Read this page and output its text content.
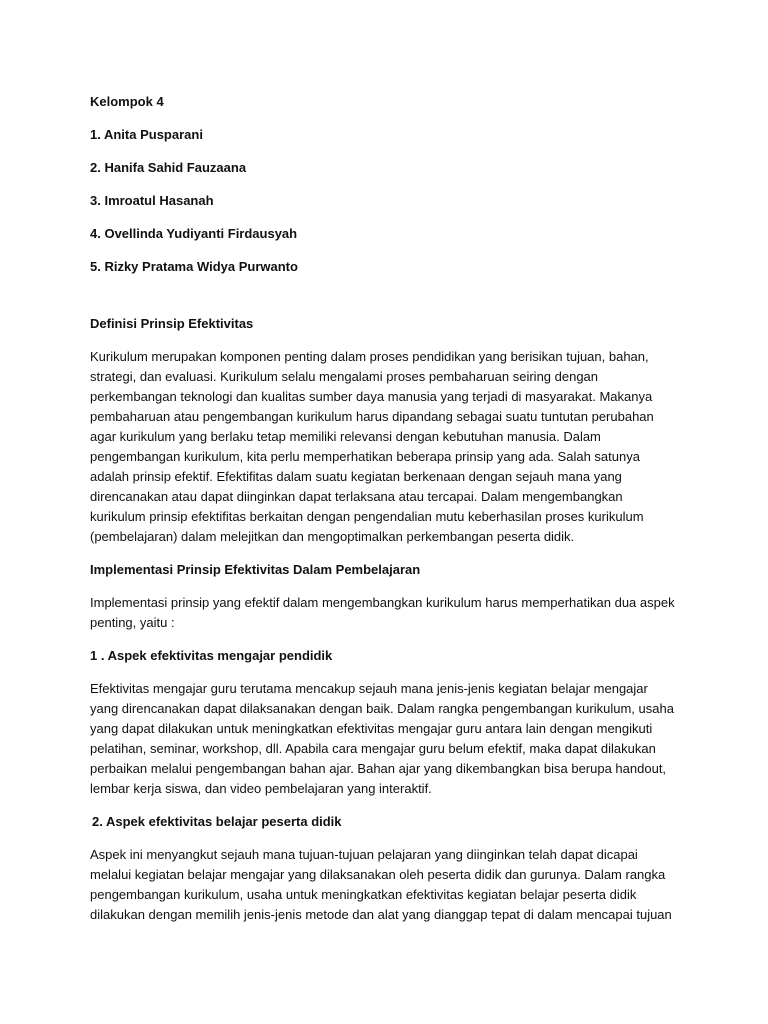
Kelompok 4

1. Anita Pusparani

2. Hanifa Sahid Fauzaana

3. Imroatul Hasanah

4. Ovellinda Yudiyanti Firdausyah

5. Rizky Pratama Widya Purwanto

Definisi Prinsip Efektivitas

Kurikulum merupakan komponen penting dalam proses pendidikan yang berisikan tujuan, bahan, strategi, dan evaluasi. Kurikulum selalu mengalami proses pembaharuan seiring dengan perkembangan teknologi dan kualitas sumber daya manusia yang terjadi di masyarakat. Makanya pembaharuan atau pengembangan kurikulum harus dipandang sebagai suatu tuntutan perubahan agar kurikulum yang berlaku tetap memiliki relevansi dengan kebutuhan manusia. Dalam pengembangan kurikulum, kita perlu memperhatikan beberapa prinsip yang ada. Salah satunya adalah prinsip efektif. Efektifitas dalam suatu kegiatan berkenaan dengan sejauh mana yang direncanakan atau dapat diinginkan dapat terlaksana atau tercapai. Dalam mengembangkan kurikulum prinsip efektifitas berkaitan dengan pengendalian mutu keberhasilan proses kurikulum (pembelajaran) dalam melejitkan dan mengoptimalkan perkembangan peserta didik.

Implementasi Prinsip Efektivitas Dalam Pembelajaran

Implementasi prinsip yang efektif dalam mengembangkan kurikulum harus memperhatikan dua aspek penting, yaitu :

1 . Aspek efektivitas mengajar pendidik

Efektivitas mengajar guru terutama mencakup sejauh mana jenis-jenis kegiatan belajar mengajar yang direncanakan dapat dilaksanakan dengan baik. Dalam rangka pengembangan kurikulum, usaha yang dapat dilakukan untuk meningkatkan efektivitas mengajar guru antara lain dengan mengikuti pelatihan, seminar, workshop, dll. Apabila cara mengajar guru belum efektif, maka dapat dilakukan perbaikan melalui pengembangan bahan ajar. Bahan ajar yang dikembangkan bisa berupa handout, lembar kerja siswa, dan video pembelajaran yang interaktif.

2. Aspek efektivitas belajar peserta didik

Aspek ini menyangkut sejauh mana tujuan-tujuan pelajaran yang diinginkan telah dapat dicapai melalui kegiatan belajar mengajar yang dilaksanakan oleh peserta didik dan gurunya. Dalam rangka pengembangan kurikulum, usaha untuk meningkatkan efektivitas kegiatan belajar peserta didik dilakukan dengan memilih jenis-jenis metode dan alat yang dianggap tepat di dalam mencapai tujuan
